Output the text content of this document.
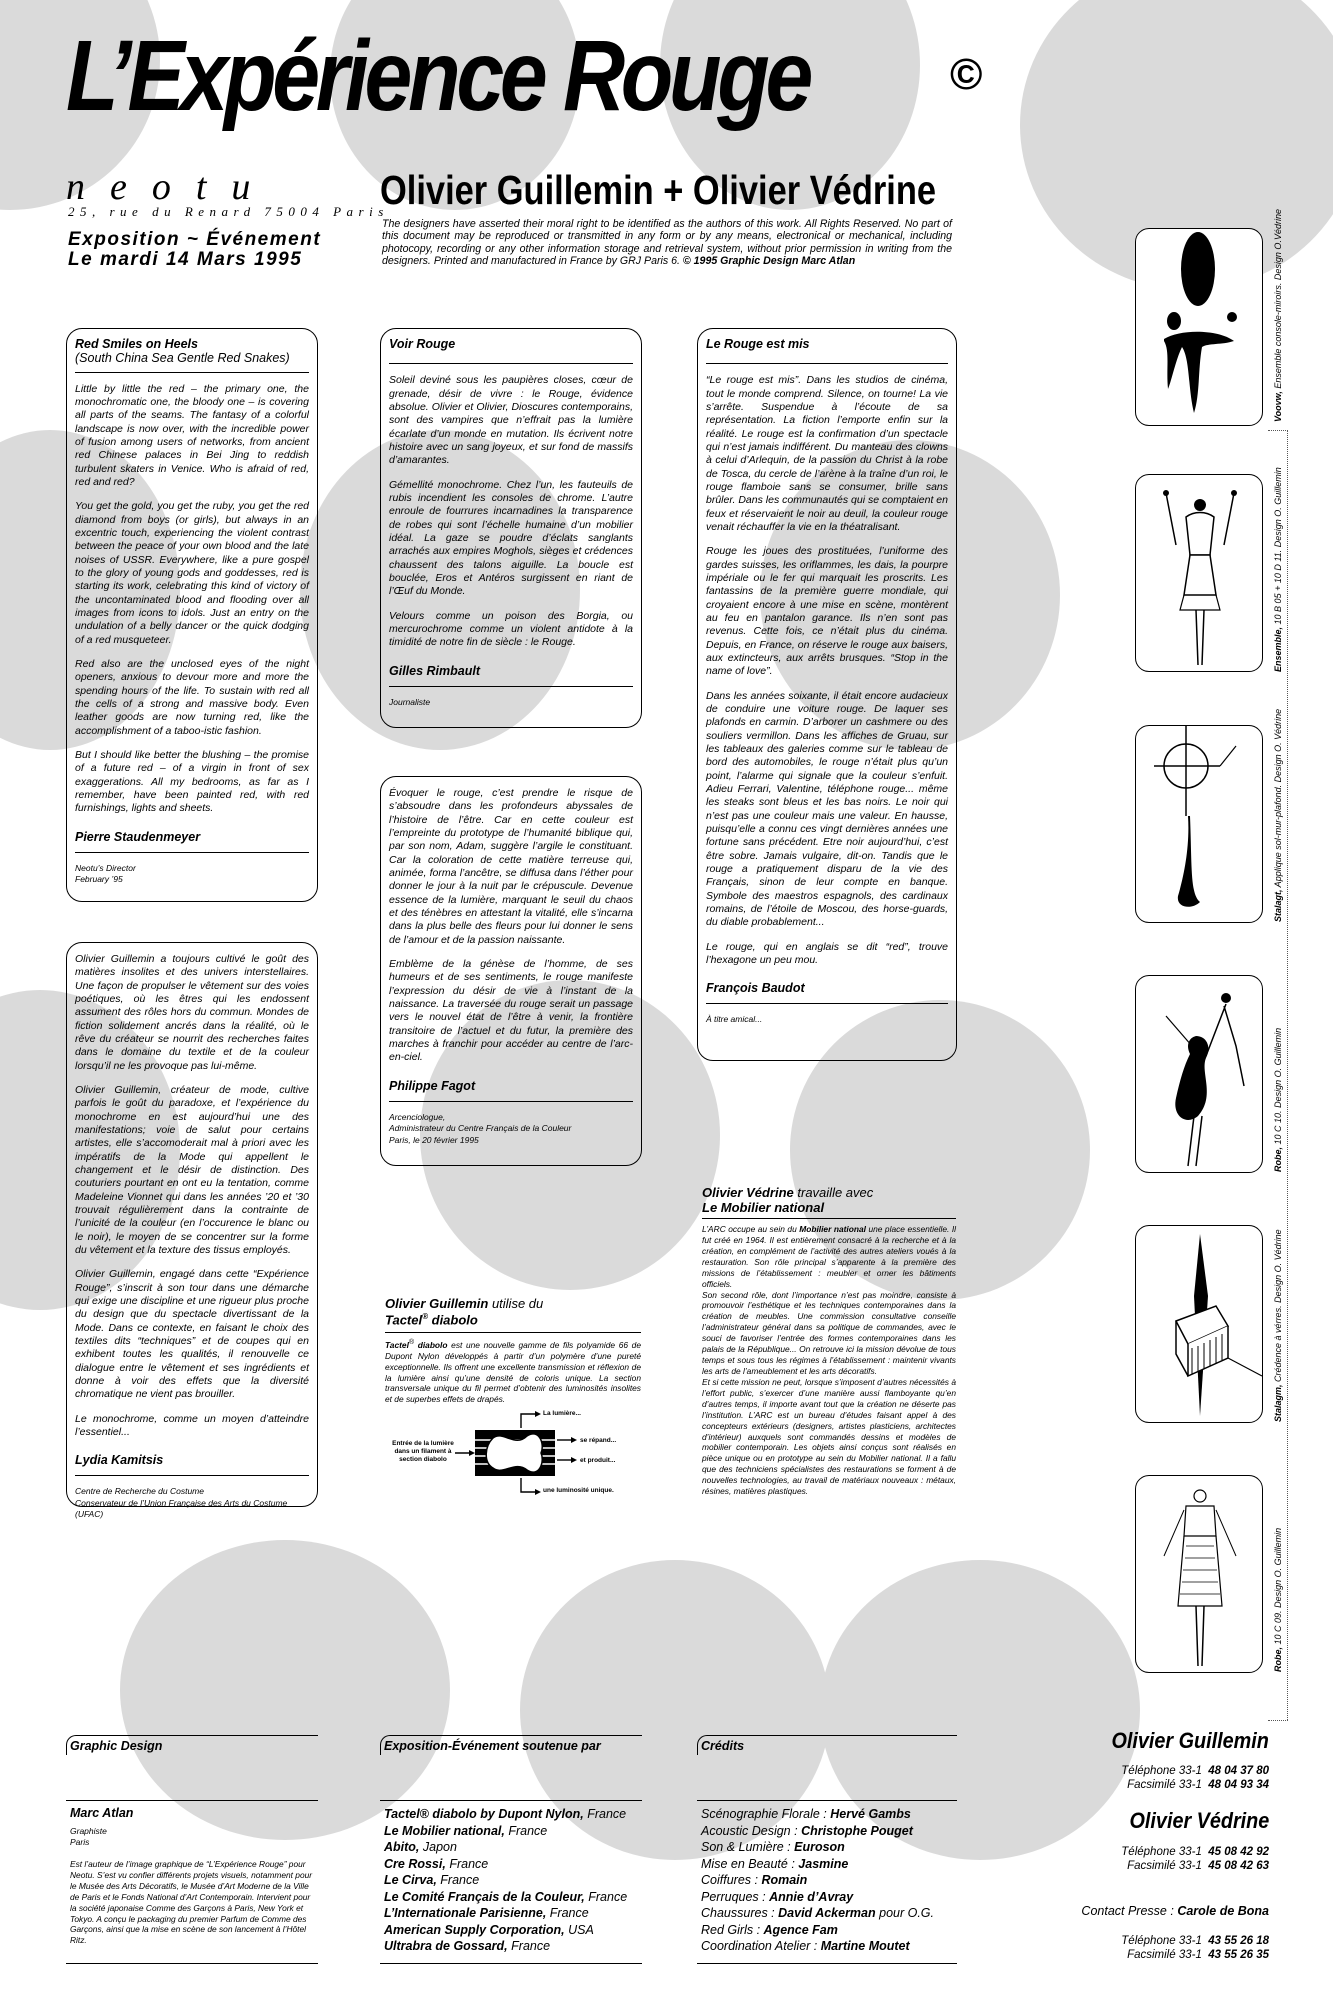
L’Expérience Rouge	©
neotu
25, rue du Renard 75004 Paris
Exposition ~ Événement
Le mardi 14 Mars 1995
Olivier Guillemin + Olivier Védrine
The designers have asserted their moral right to be identified as the authors of this work. All Rights Reserved. No part of this document may be reproduced or transmitted in any form or by any means, electronical or mechanical, including photocopy, recording or any other information storage and retrieval system, without prior permission in writing from the designers. Printed and manufactured in France by GRJ Paris 6. © 1995 Graphic Design Marc Atlan
Red Smiles on Heels
(South China Sea Gentle Red Snakes)

Little by little the red – the primary one, the monochromatic one, the bloody one – is covering all parts of the seams. The fantasy of a colorful landscape is now over, with the incredible power of fusion among users of networks, from ancient red Chinese palaces in Bei Jing to reddish turbulent skaters in Venice. Who is afraid of red, red and red?

You get the gold, you get the ruby, you get the red diamond from boys (or girls), but always in an excentric touch, experiencing the violent contrast between the peace of your own blood and the late noises of USSR. Everywhere, like a pure gospel to the glory of young gods and goddesses, red is starting its work, celebrating this kind of victory of the uncontaminated blood and flooding over all images from icons to idols. Just an entry on the undulation of a belly dancer or the quick dodging of a red musqueteer.

Red also are the unclosed eyes of the night openers, anxious to devour more and more the spending hours of the life. To sustain with red all the cells of a strong and massive body. Even leather goods are now turning red, like the accomplishment of a taboo-istic fashion.

But I should like better the blushing – the promise of a future red – of a virgin in front of sex exaggerations. All my bedrooms, as far as I remember, have been painted red, with red furnishings, lights and sheets.

Pierre Staudenmeyer
Neotu’s Director
February ’95

Olivier Guillemin a toujours cultivé le goût des matières insolites et des univers interstellaires. Une façon de propulser le vêtement sur des voies poétiques, où les êtres qui les endossent assument des rôles hors du commun. Mondes de fiction solidement ancrés dans la réalité, où le rêve du créateur se nourrit des recherches faites dans le domaine du textile et de la couleur lorsqu’il ne les provoque pas lui-même.

Olivier Guillemin, créateur de mode, cultive parfois le goût du paradoxe, et l’expérience du monochrome en est aujourd’hui une des manifestations; voie de salut pour certains artistes, elle s’accomoderait mal à priori avec les impératifs de la Mode qui appellent le changement et le désir de distinction. Des couturiers pourtant en ont eu la tentation, comme Madeleine Vionnet qui dans les années ’20 et ’30 trouvait régulièrement dans la contrainte de l’unicité de la couleur (en l’occurence le blanc ou le noir), le moyen de se concentrer sur la forme du vêtement et la texture des tissus employés.

Olivier Guillemin, engagé dans cette “Expérience Rouge”, s’inscrit à son tour dans une démarche qui exige une discipline et une rigueur plus proche du design que du spectacle divertissant de la Mode. Dans ce contexte, en faisant le choix des textiles dits “techniques” et de coupes qui en exhibent toutes les qualités, il renouvelle ce dialogue entre le vêtement et ses ingrédients et donne à voir des effets que la diversité chromatique ne vient pas brouiller.

Le monochrome, comme un moyen d’atteindre l’essentiel...

Lydia Kamitsis
Centre de Recherche du Costume
Conservateur de l’Union Française des Arts du Costume (UFAC)
Voir Rouge

Soleil deviné sous les paupières closes, cœur de grenade, désir de vivre : le Rouge, évidence absolue. Olivier et Olivier, Dioscures contemporains, sont des vampires que n’effrait pas la lumière écarlate d’un monde en mutation. Ils écrivent notre histoire avec un sang joyeux, et sur fond de massifs d’amarantes.

Gémellité monochrome. Chez l’un, les fauteuils de rubis incendient les consoles de chrome. L’autre enroule de fourrures incarnadines la transparence de robes qui sont l’échelle humaine d’un mobilier idéal. La gaze se poudre d’éclats sanglants arrachés aux empires Moghols, sièges et crédences chaussent des talons aiguille. La boucle est bouclée, Eros et Antéros surgissent en riant de l’Œuf du Monde.

Velours comme un poison des Borgia, ou mercurochrome comme un violent antidote à la timidité de notre fin de siècle : le Rouge.

Gilles Rimbault
Journaliste

Évoquer le rouge, c’est prendre le risque de s’absoudre dans les profondeurs abyssales de l’histoire de l’être. Car en cette couleur est l’empreinte du prototype de l’humanité biblique qui, par son nom, Adam, suggère l’argile le constituant. Car la coloration de cette matière terreuse qui, animée, forma l’ancêtre, se diffusa dans l’éther pour donner le jour à la nuit par le crépuscule. Devenue essence de la lumière, marquant le seuil du chaos et des ténèbres en attestant la vitalité, elle s’incarna dans la plus belle des fleurs pour lui donner le sens de l’amour et de la passion naissante.

Emblème de la génèse de l’homme, de ses humeurs et de ses sentiments, le rouge manifeste l’expression du désir de vie à l’instant de la naissance. La traversée du rouge serait un passage vers le nouvel état de l’être à venir, la frontière transitoire de l’actuel et du futur, la première des marches à franchir pour accéder au centre de l’arc-en-ciel.

Philippe Fagot
Arcenciologue,
Administrateur du Centre Français de la Couleur
Paris, le 20 février 1995
Olivier Guillemin utilise du
Tactel® diabolo
Tactel® diabolo est une nouvelle gamme de fils polyamide 66 de Dupont Nylon développés à partir d’un polymère d’une pureté exceptionnelle. Ils offrent une excellente transmission et réflexion de la lumière ainsi qu’une densité de coloris unique. La section transversale unique du fil permet d’obtenir des luminosités insolites et de superbes effets de drapés.
Entrée de la lumière dans un filament à section diabolo
La lumière...
se répand...
et produit...
une luminosité unique.
Le Rouge est mis

“Le rouge est mis”. Dans les studios de cinéma, tout le monde comprend. Silence, on tourne! La vie s’arrête. Suspendue à l’écoute de sa représentation. La fiction l’emporte enfin sur la réalité. Le rouge est la confirmation d’un spectacle qui n’est jamais indifférent. Du manteau des clowns à celui d’Arlequin, de la passion du Christ à la robe de Tosca, du cercle de l’arène à la traîne d’un roi, le rouge flamboie sans se consumer, brille sans brûler. Dans les communautés qui se comptaient en feux et réservaient le noir au deuil, la couleur rouge venait réchauffer la vie en la théatralisant.

Rouge les joues des prostituées, l’uniforme des gardes suisses, les oriflammes, les dais, la pourpre impériale ou le fer qui marquait les proscrits. Les fantassins de la première guerre mondiale, qui croyaient encore à une mise en scène, montèrent au feu en pantalon garance. Ils n’en sont pas revenus. Cette fois, ce n’était plus du cinéma. Depuis, en France, on réserve le rouge aux baisers, aux extincteurs, aux arrêts brusques. “Stop in the name of love”.

Dans les années soixante, il était encore audacieux de conduire une voiture rouge. De laquer ses plafonds en carmin. D’arborer un cashmere ou des souliers vermillon. Dans les affiches de Gruau, sur les tableaux des galeries comme sur le tableau de bord des automobiles, le rouge n’était plus qu’un point, l’alarme qui signale que la couleur s’enfuit. Adieu Ferrari, Valentine, téléphone rouge... même les steaks sont bleus et les bas noirs. Le noir qui n’est pas une couleur mais une valeur. En hausse, puisqu’elle a connu ces vingt dernières années une fortune sans précédent. Etre noir aujourd’hui, c’est être sobre. Jamais vulgaire, dit-on. Tandis que le rouge a pratiquement disparu de la vie des Français, sinon de leur compte en banque. Symbole des maestros espagnols, des cardinaux romains, de l’étoile de Moscou, des horse-guards, du diable probablement...

Le rouge, qui en anglais se dit “red”, trouve l’hexagone un peu mou.

François Baudot
À titre amical...
Olivier Védrine travaille avec
Le Mobilier national

L’ARC occupe au sein du Mobilier national une place essentielle. Il fut créé en 1964. Il est entièrement consacré à la recherche et à la création, en complément de l’activité des autres ateliers voués à la restauration. Son rôle principal s’apparente à la première des missions de l’établissement : meubler et orner les bâtiments officiels.

Son second rôle, dont l’importance n’est pas moindre, consiste à promouvoir l’esthétique et les techniques contemporaines dans la création de meubles. Une commission consultative conseille l’administrateur général dans sa politique de commandes, avec le souci de favoriser l’entrée des formes contemporaines dans les palais de la République... On retrouve ici la mission dévolue de tous temps et sous tous les régimes à l’établissement : maintenir vivants les arts de l’ameublement et les arts décoratifs.

Et si cette mission ne peut, lorsque s’imposent d’autres nécessités à l’effort public, s’exercer d’une manière aussi flamboyante qu’en d’autres temps, il importe avant tout que la création ne déserte pas l’institution. L’ARC est un bureau d’études faisant appel à des concepteurs extérieurs (designers, artistes plasticiens, architectes d’intérieur) auxquels sont commandés dessins et modèles de mobilier contemporain. Les objets ainsi conçus sont réalisés en pièce unique ou en prototype au sein du Mobilier national. Il a fallu que des techniciens spécialistes des restaurations se forment à de nouvelles technologies, au travail de matériaux nouveaux : métaux, résines, matières plastiques.

Voovw, Ensemble console-miroirs. Design O.Védrine
Ensemble, 10 B 05 + 10 D 11. Design O. Guillemin
Stalagt, Applique sol-mur-plafond. Design O. Védrine
Robe, 10 C 10. Design O. Guillemin
Stalagm, Crédence à vérres. Design O. Védrine
Robe, 10 C 09. Design O. Guillemin
Graphic Design
Marc Atlan
Graphiste
Paris

Est l’auteur de l’image graphique de “L’Expérience Rouge” pour Neotu. S’est vu confier différents projets visuels, notamment pour le Musée des Arts Décoratifs, le Musée d’Art Moderne de la Ville de Paris et le Fonds National d’Art Contemporain. Intervient pour la société japonaise Comme des Garçons à Paris, New York et Tokyo. A conçu le packaging du premier Parfum de Comme des Garçons, ainsi que la mise en scène de son lancement à l’Hôtel Ritz.

Exposition-Événement soutenue par
Tactel® diabolo by Dupont Nylon, France
Le Mobilier national, France
Abito, Japon
Cre Rossi, France
Le Cirva, France
Le Comité Français de la Couleur, France
L’Internationale Parisienne, France
American Supply Corporation, USA
Ultrabra de Gossard, France
Crédits
Scénographie Florale : Hervé Gambs
Acoustic Design : Christophe Pouget
Son & Lumière : Euroson
Mise en Beauté : Jasmine
Coiffures : Romain
Perruques : Annie d’Avray
Chaussures : David Ackerman pour O.G.
Red Girls : Agence Fam
Coordination Atelier : Martine Moutet
Olivier Guillemin
Téléphone 33-1 48 04 37 80
Facsimilé 33-1 48 04 93 34
Olivier Védrine
Téléphone 33-1 45 08 42 92
Facsimilé 33-1 45 08 42 63
Contact Presse : Carole de Bona
Téléphone 33-1 43 55 26 18
Facsimilé 33-1 43 55 26 35
